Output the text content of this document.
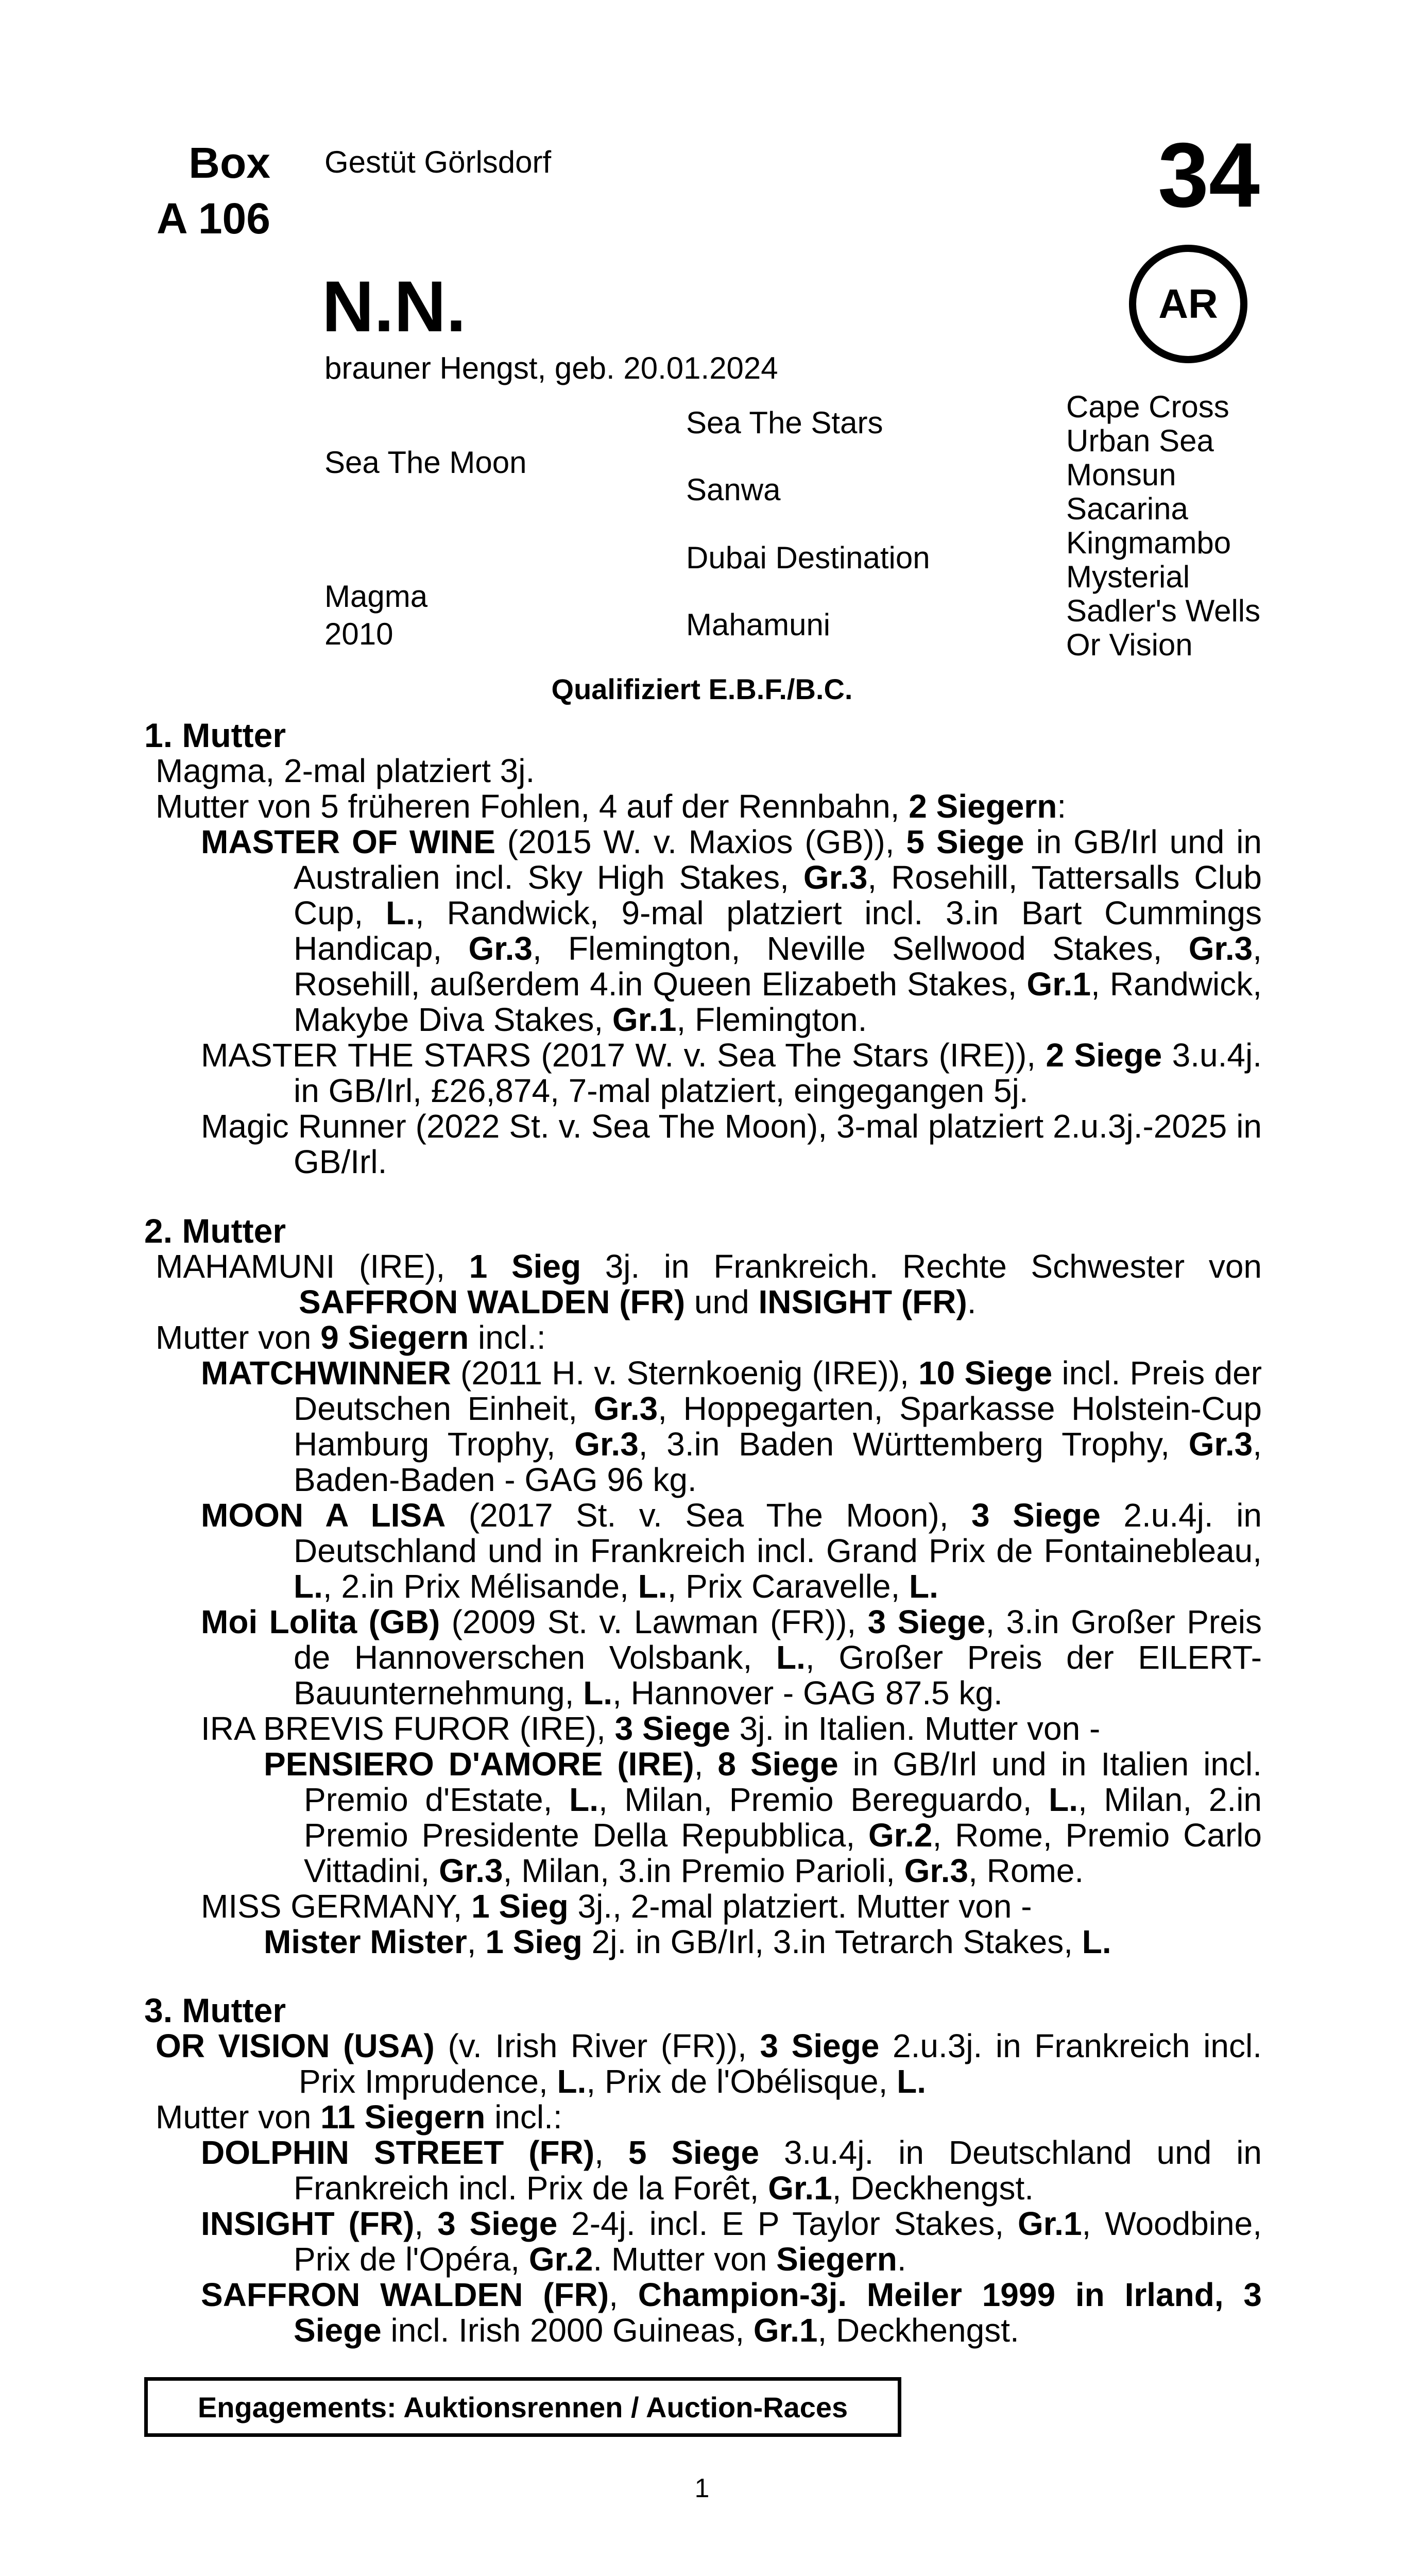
Box
A 106
Gestüt Görlsdorf	34
AR
N.N.
brauner Hengst, geb. 20.01.2024
Sea The Moon
Magma
2010
Sea The Stars
Sanwa
Dubai Destination
Mahamuni
Cape Cross
Urban Sea
Monsun
Sacarina
Kingmambo
Mysterial
Sadler's Wells
Or Vision
Qualifiziert E.B.F./B.C.
1. Mutter

Magma, 2-mal platziert 3j.

Mutter von 5 früheren Fohlen, 4 auf der Rennbahn, 2 Siegern:

MASTER OF WINE (2015 W. v. Maxios (GB)), 5 Siege in GB/Irl und in Australien incl. Sky High Stakes, Gr.3, Rosehill, Tattersalls Club Cup, L., Randwick, 9-mal platziert incl. 3.in Bart Cummings Handicap, Gr.3, Flemington, Neville Sellwood Stakes, Gr.3, Rosehill, außerdem 4.in Queen Elizabeth Stakes, Gr.1, Randwick, Makybe Diva Stakes, Gr.1, Flemington.

MASTER THE STARS (2017 W. v. Sea The Stars (IRE)), 2 Siege 3.u.4j. in GB/Irl, £26,874, 7-mal platziert, eingegangen 5j.

Magic Runner (2022 St. v. Sea The Moon), 3-mal platziert 2.u.3j.-2025 in GB/Irl.

2. Mutter

MAHAMUNI (IRE), 1 Sieg 3j. in Frankreich. Rechte Schwester von SAFFRON WALDEN (FR) und INSIGHT (FR).

Mutter von 9 Siegern incl.:

MATCHWINNER (2011 H. v. Sternkoenig (IRE)), 10 Siege incl. Preis der Deutschen Einheit, Gr.3, Hoppegarten, Sparkasse Holstein-Cup Hamburg Trophy, Gr.3, 3.in Baden Württemberg Trophy, Gr.3, Baden-Baden - GAG 96 kg.

MOON A LISA (2017 St. v. Sea The Moon), 3 Siege 2.u.4j. in Deutschland und in Frankreich incl. Grand Prix de Fontainebleau, L., 2.in Prix Mélisande, L., Prix Caravelle, L.

Moi Lolita (GB) (2009 St. v. Lawman (FR)), 3 Siege, 3.in Großer Preis de Hannoverschen Volsbank, L., Großer Preis der EILERT-Bauunternehmung, L., Hannover - GAG 87.5 kg.

IRA BREVIS FUROR (IRE), 3 Siege 3j. in Italien. Mutter von -

PENSIERO D'AMORE (IRE), 8 Siege in GB/Irl und in Italien incl. Premio d'Estate, L., Milan, Premio Bereguardo, L., Milan, 2.in Premio Presidente Della Repubblica, Gr.2, Rome, Premio Carlo Vittadini, Gr.3, Milan, 3.in Premio Parioli, Gr.3, Rome.

MISS GERMANY, 1 Sieg 3j., 2-mal platziert. Mutter von -

Mister Mister, 1 Sieg 2j. in GB/Irl, 3.in Tetrarch Stakes, L.

3. Mutter

OR VISION (USA) (v. Irish River (FR)), 3 Siege 2.u.3j. in Frankreich incl. Prix Imprudence, L., Prix de l'Obélisque, L.

Mutter von 11 Siegern incl.:

DOLPHIN STREET (FR), 5 Siege 3.u.4j. in Deutschland und in Frankreich incl. Prix de la Forêt, Gr.1, Deckhengst.

INSIGHT (FR), 3 Siege 2-4j. incl. E P Taylor Stakes, Gr.1, Woodbine, Prix de l'Opéra, Gr.2. Mutter von Siegern.

SAFFRON WALDEN (FR), Champion-3j. Meiler 1999 in Irland, 3 Siege incl. Irish 2000 Guineas, Gr.1, Deckhengst.

Engagements: Auktionsrennen / Auction-Races
1
